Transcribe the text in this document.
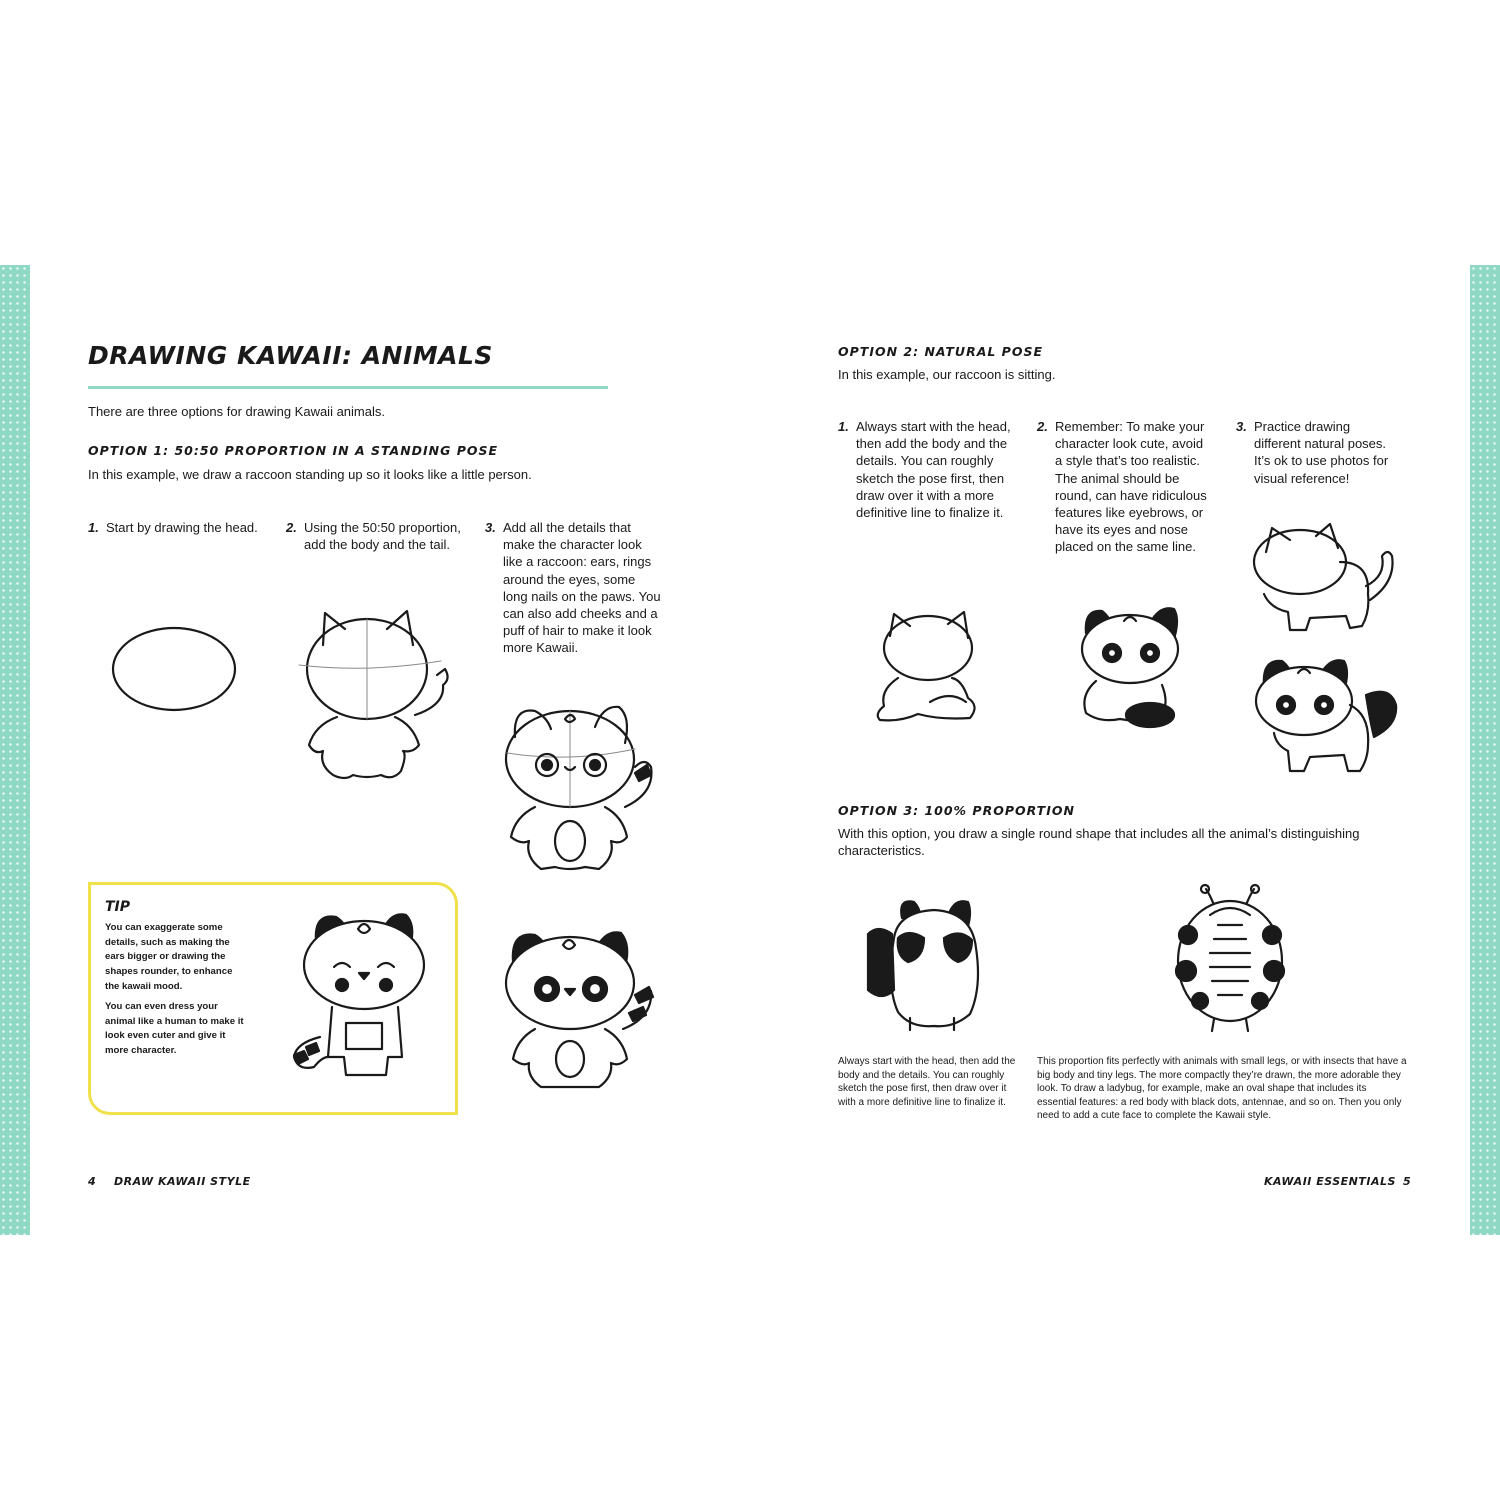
DRAWING KAWAII: ANIMALS
There are three options for drawing Kawaii animals.
OPTION 1: 50:50 PROPORTION IN A STANDING POSE
In this example, we draw a raccoon standing up so it looks like a little person.
1. Start by drawing the head.	2. Using the 50:50 proportion, add the body and the tail.
3. Add all the details that make the character look like a raccoon: ears, rings around the eyes, some long nails on the paws. You can also add cheeks and a puff of hair to make it look more Kawaii.
TIP
You can exaggerate some details, such as making the ears bigger or drawing the shapes rounder, to enhance the kawaii mood.
You can even dress your animal like a human to make it look even cuter and give it more character.
4 DRAW KAWAII STYLE
OPTION 2: NATURAL POSE
In this example, our raccoon is sitting.
1. Always start with the head, then add the body and the details. You can roughly sketch the pose first, then draw over it with a more definitive line to finalize it.
2. Remember: To make your character look cute, avoid a style that’s too realistic. The animal should be round, can have ridiculous features like eyebrows, or have its eyes and nose placed on the same line.
3. Practice drawing different natural poses. It’s ok to use photos for visual reference!
OPTION 3: 100% PROPORTION
With this option, you draw a single round shape that includes all the animal’s distinguishing characteristics.
Always start with the head, then add the body and the details. You can roughly sketch the pose first, then draw over it with a more definitive line to finalize it.
This proportion fits perfectly with animals with small legs, or with insects that have a big body and tiny legs. The more compactly they’re drawn, the more adorable they look. To draw a ladybug, for example, make an oval shape that includes its essential features: a red body with black dots, antennae, and so on. Then you only need to add a cute face to complete the Kawaii style.
KAWAII ESSENTIALS 5
